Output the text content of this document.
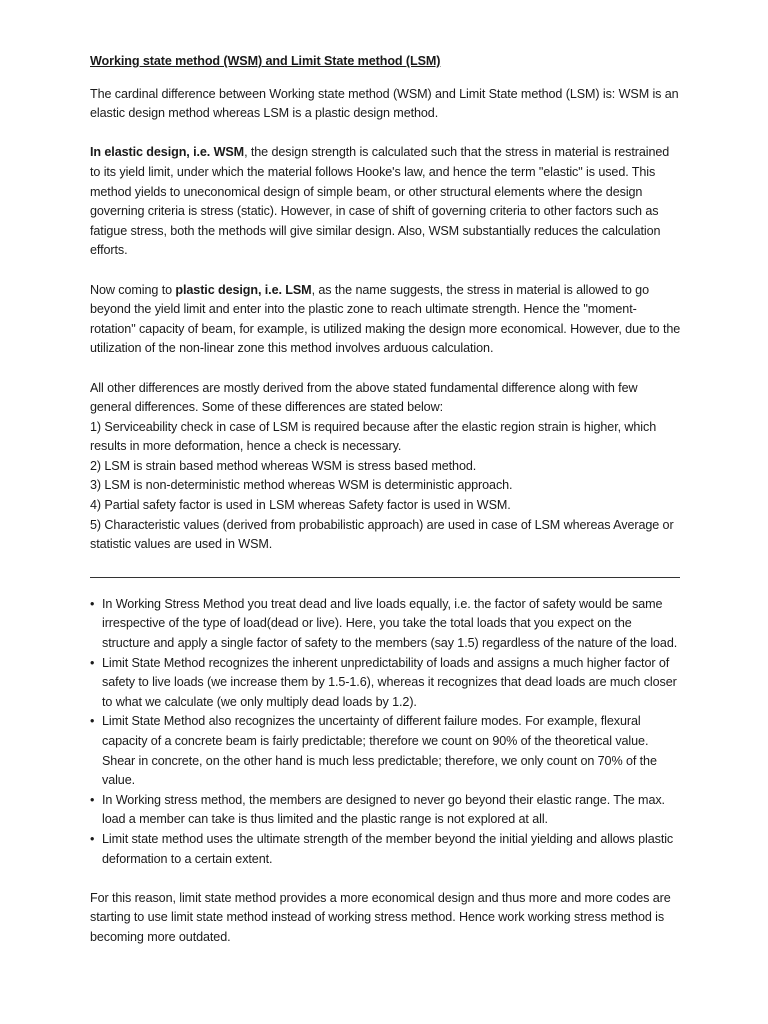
Working state method (WSM) and Limit State method (LSM)

The cardinal difference between Working state method (WSM) and Limit State method (LSM) is: WSM is an elastic design method whereas LSM is a plastic design method.

In elastic design, i.e. WSM, the design strength is calculated such that the stress in material is restrained to its yield limit, under which the material follows Hooke's law, and hence the term "elastic" is used. This method yields to uneconomical design of simple beam, or other structural elements where the design governing criteria is stress (static). However, in case of shift of governing criteria to other factors such as fatigue stress, both the methods will give similar design. Also, WSM substantially reduces the calculation efforts.

Now coming to plastic design, i.e. LSM, as the name suggests, the stress in material is allowed to go beyond the yield limit and enter into the plastic zone to reach ultimate strength. Hence the "moment-rotation" capacity of beam, for example, is utilized making the design more economical. However, due to the utilization of the non-linear zone this method involves arduous calculation.

All other differences are mostly derived from the above stated fundamental difference along with few general differences. Some of these differences are stated below:
1) Serviceability check in case of LSM is required because after the elastic region strain is higher, which results in more deformation, hence a check is necessary.
2) LSM is strain based method whereas WSM is stress based method.
3) LSM is non-deterministic method whereas WSM is deterministic approach.
4) Partial safety factor is used in LSM whereas Safety factor is used in WSM.
5) Characteristic values (derived from probabilistic approach) are used in case of LSM whereas Average or statistic values are used in WSM.

• In Working Stress Method you treat dead and live loads equally, i.e. the factor of safety would be same irrespective of the type of load(dead or live). Here, you take the total loads that you expect on the structure and apply a single factor of safety to the members (say 1.5) regardless of the nature of the load.
• Limit State Method recognizes the inherent unpredictability of loads and assigns a much higher factor of safety to live loads (we increase them by 1.5-1.6), whereas it recognizes that dead loads are much closer to what we calculate (we only multiply dead loads by 1.2).
• Limit State Method also recognizes the uncertainty of different failure modes. For example, flexural capacity of a concrete beam is fairly predictable; therefore we count on 90% of the theoretical value. Shear in concrete, on the other hand is much less predictable; therefore, we only count on 70% of the value.
• In Working stress method, the members are designed to never go beyond their elastic range. The max. load a member can take is thus limited and the plastic range is not explored at all.
• Limit state method uses the ultimate strength of the member beyond the initial yielding and allows plastic deformation to a certain extent.

For this reason, limit state method provides a more economical design and thus more and more codes are starting to use limit state method instead of working stress method. Hence work working stress method is becoming more outdated.
